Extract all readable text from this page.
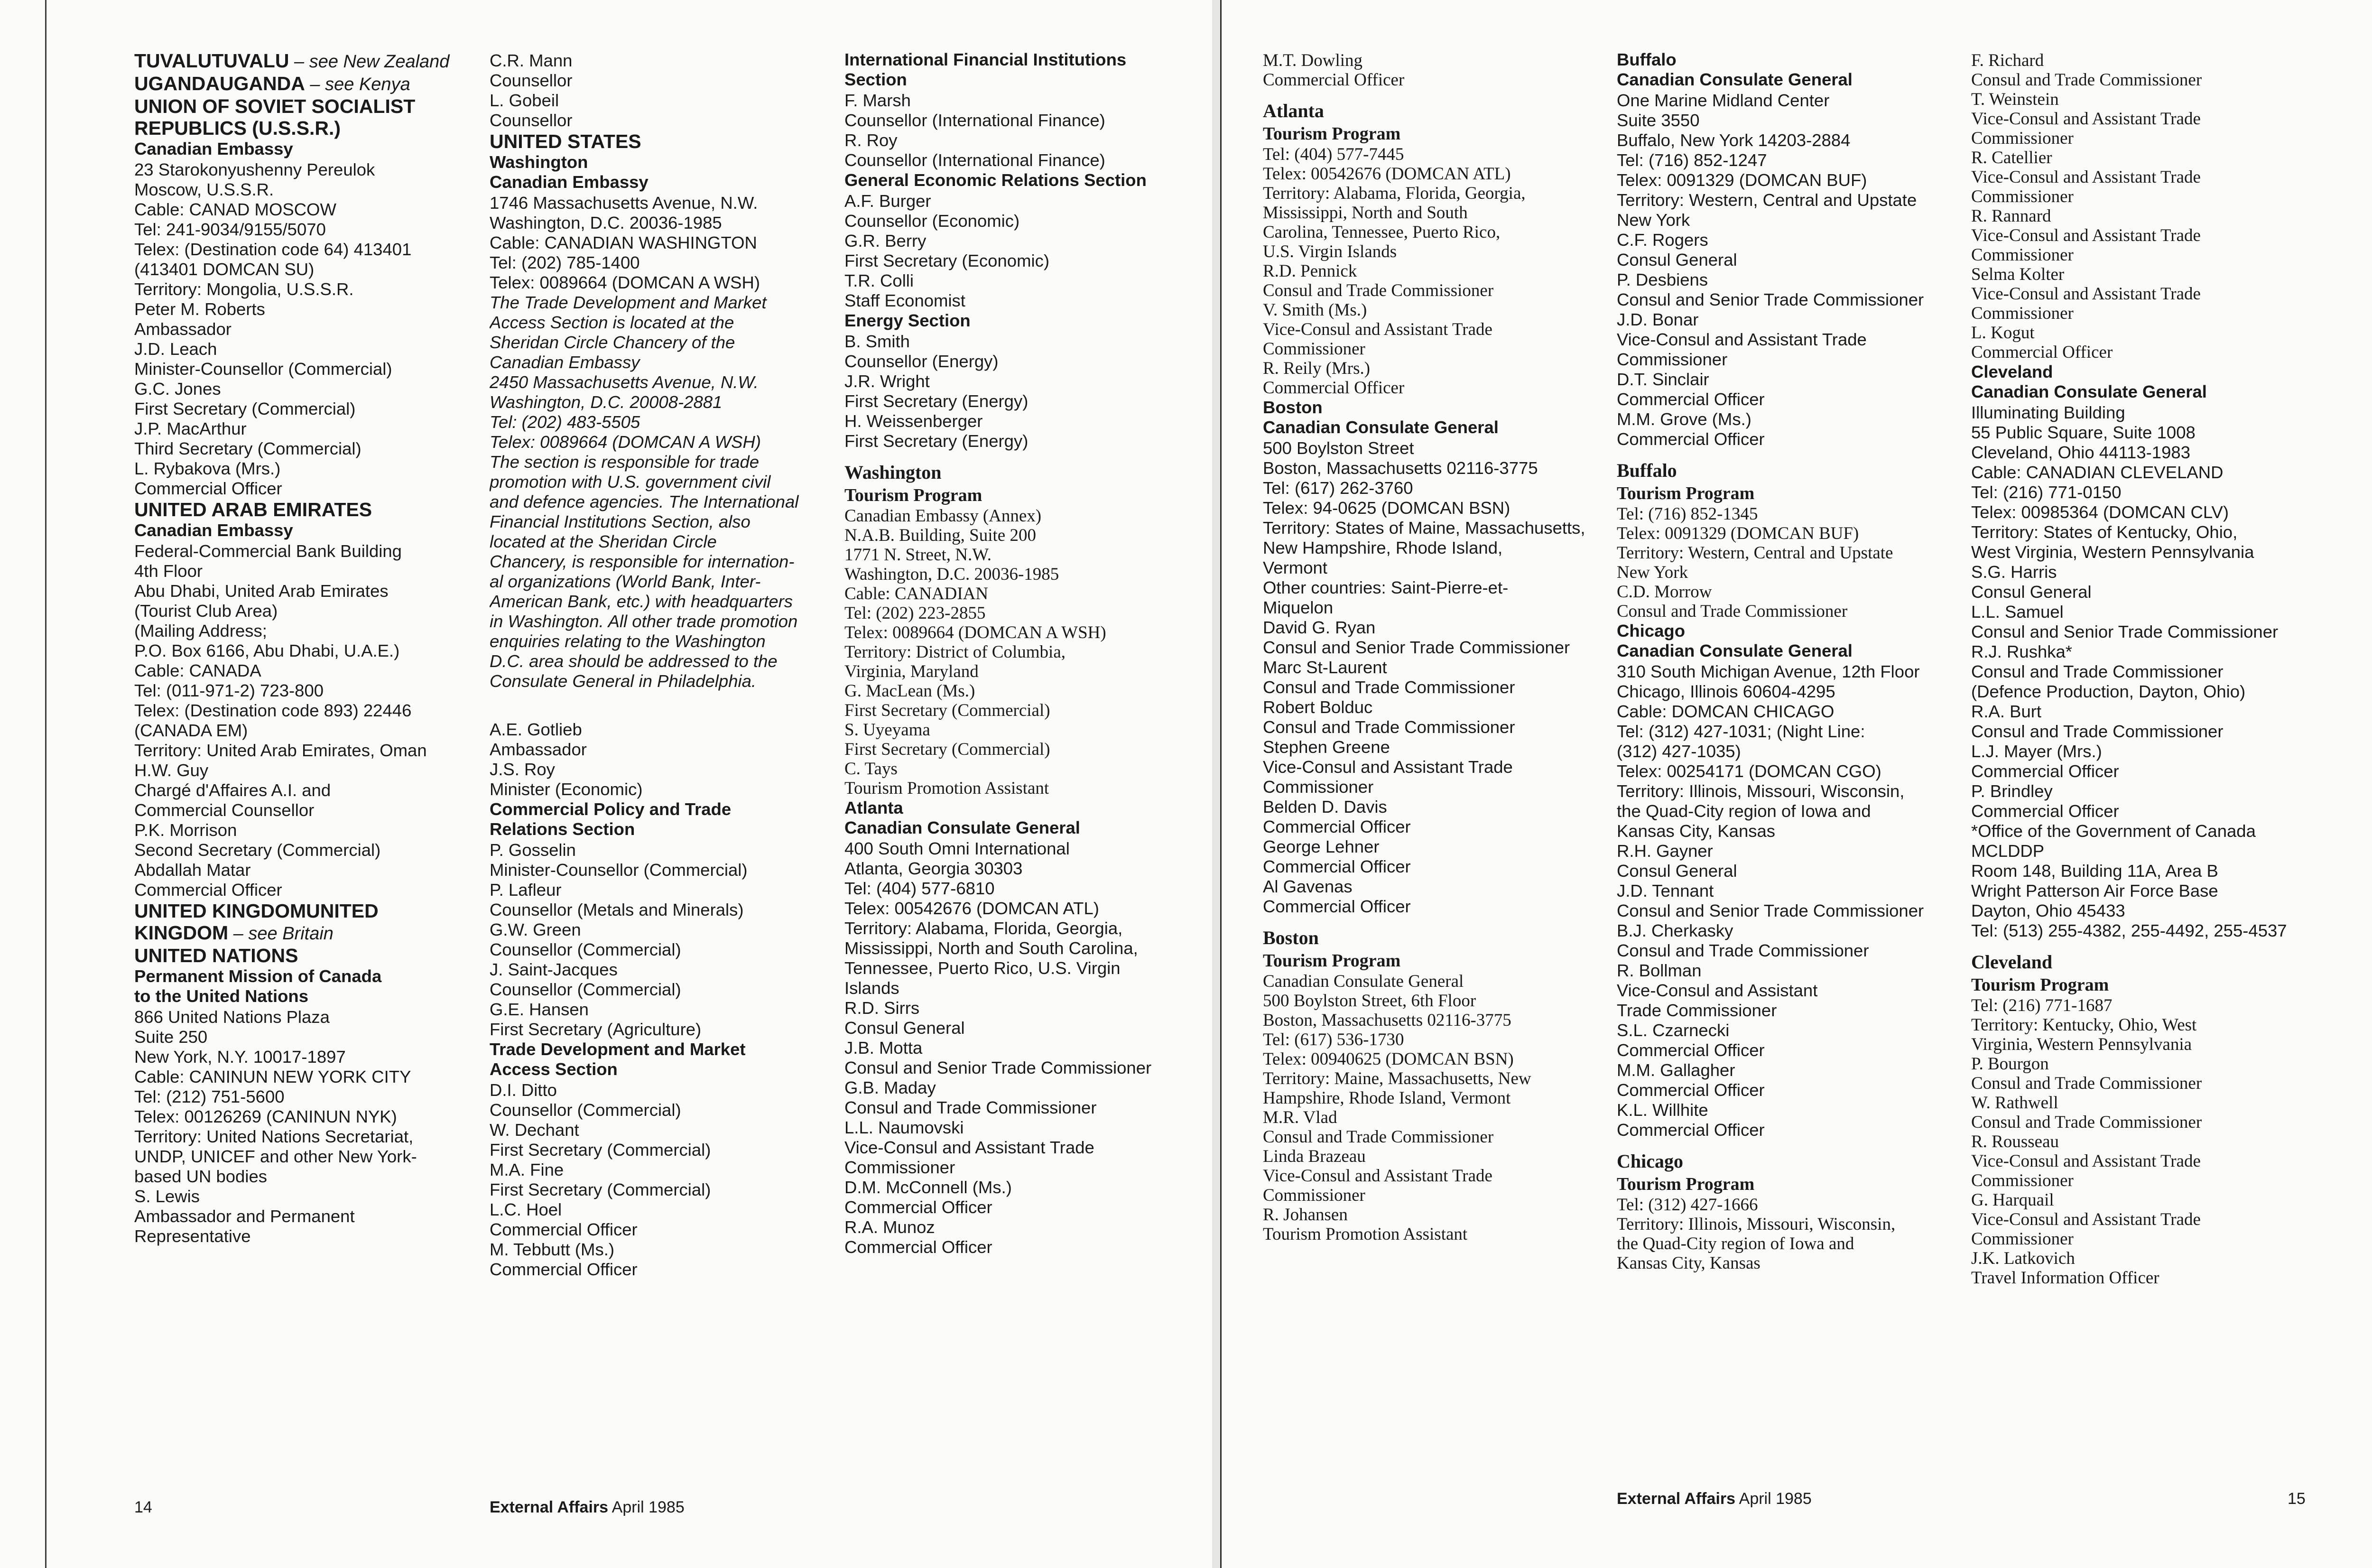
TUVALUTUVALU – see New Zealand

UGANDAUGANDA – see Kenya

UNION OF SOVIET SOCIALIST
REPUBLICS (U.S.S.R.)

Canadian Embassy

23 Starokonyushenny Pereulok
Moscow, U.S.S.R.
Cable: CANAD MOSCOW
Tel: 241-9034/9155/5070
Telex: (Destination code 64) 413401
(413401 DOMCAN SU)
Territory: Mongolia, U.S.S.R.

Peter M. Roberts
Ambassador

J.D. Leach
Minister-Counsellor (Commercial)

G.C. Jones
First Secretary (Commercial)

J.P. MacArthur
Third Secretary (Commercial)

L. Rybakova (Mrs.)
Commercial Officer

UNITED ARAB EMIRATES

Canadian Embassy

Federal-Commercial Bank Building
4th Floor
Abu Dhabi, United Arab Emirates
(Tourist Club Area)
(Mailing Address;
P.O. Box 6166, Abu Dhabi, U.A.E.)
Cable: CANADA
Tel: (011-971-2) 723-800
Telex: (Destination code 893) 22446
(CANADA EM)
Territory: United Arab Emirates, Oman

H.W. Guy
Chargé d'Affaires A.I. and
Commercial Counsellor

P.K. Morrison
Second Secretary (Commercial)

Abdallah Matar
Commercial Officer

UNITED KINGDOMUNITED KINGDOM – see Britain

UNITED NATIONS

Permanent Mission of Canada
to the United Nations

866 United Nations Plaza
Suite 250
New York, N.Y. 10017-1897
Cable: CANINUN NEW YORK CITY
Tel: (212) 751-5600
Telex: 00126269 (CANINUN NYK)
Territory: United Nations Secretariat,
UNDP, UNICEF and other New York-
based UN bodies

S. Lewis
Ambassador and Permanent
Representative

C.R. Mann
Counsellor

L. Gobeil
Counsellor

UNITED STATES

Washington
Canadian Embassy

1746 Massachusetts Avenue, N.W.
Washington, D.C. 20036-1985
Cable: CANADIAN WASHINGTON
Tel: (202) 785-1400
Telex: 0089664 (DOMCAN A WSH)

The Trade Development and Market
Access Section is located at the
Sheridan Circle Chancery of the
Canadian Embassy
2450 Massachusetts Avenue, N.W.
Washington, D.C. 20008-2881
Tel: (202) 483-5505
Telex: 0089664 (DOMCAN A WSH)

The section is responsible for trade
promotion with U.S. government civil
and defence agencies. The International
Financial Institutions Section, also
located at the Sheridan Circle
Chancery, is responsible for internation-
al organizations (World Bank, Inter-
American Bank, etc.) with headquarters
in Washington. All other trade promotion
enquiries relating to the Washington
D.C. area should be addressed to the
Consulate General in Philadelphia.

A.E. Gotlieb
Ambassador

J.S. Roy
Minister (Economic)

Commercial Policy and Trade
Relations Section

P. Gosselin
Minister-Counsellor (Commercial)

P. Lafleur
Counsellor (Metals and Minerals)

G.W. Green
Counsellor (Commercial)

J. Saint-Jacques
Counsellor (Commercial)

G.E. Hansen
First Secretary (Agriculture)

Trade Development and Market
Access Section

D.I. Ditto
Counsellor (Commercial)

W. Dechant
First Secretary (Commercial)

M.A. Fine
First Secretary (Commercial)

L.C. Hoel
Commercial Officer

M. Tebbutt (Ms.)
Commercial Officer

International Financial Institutions
Section

F. Marsh
Counsellor (International Finance)

R. Roy
Counsellor (International Finance)

General Economic Relations Section

A.F. Burger
Counsellor (Economic)

G.R. Berry
First Secretary (Economic)

T.R. Colli
Staff Economist

Energy Section

B. Smith
Counsellor (Energy)

J.R. Wright
First Secretary (Energy)

H. Weissenberger
First Secretary (Energy)

Washington

Tourism Program

Canadian Embassy (Annex)
N.A.B. Building, Suite 200
1771 N. Street, N.W.
Washington, D.C. 20036-1985
Cable: CANADIAN
Tel: (202) 223-2855
Telex: 0089664 (DOMCAN A WSH)
Territory: District of Columbia,
Virginia, Maryland

G. MacLean (Ms.)
First Secretary (Commercial)

S. Uyeyama
First Secretary (Commercial)

C. Tays
Tourism Promotion Assistant

Atlanta
Canadian Consulate General

400 South Omni International
Atlanta, Georgia 30303
Tel: (404) 577-6810
Telex: 00542676 (DOMCAN ATL)
Territory: Alabama, Florida, Georgia,
Mississippi, North and South Carolina,
Tennessee, Puerto Rico, U.S. Virgin
Islands

R.D. Sirrs
Consul General

J.B. Motta
Consul and Senior Trade Commissioner

G.B. Maday
Consul and Trade Commissioner

L.L. Naumovski
Vice-Consul and Assistant Trade
Commissioner

D.M. McConnell (Ms.)
Commercial Officer

R.A. Munoz
Commercial Officer

14	External Affairs April 1985

M.T. Dowling
Commercial Officer

Atlanta

Tourism Program

Tel: (404) 577-7445
Telex: 00542676 (DOMCAN ATL)
Territory: Alabama, Florida, Georgia,
Mississippi, North and South
Carolina, Tennessee, Puerto Rico,
U.S. Virgin Islands

R.D. Pennick
Consul and Trade Commissioner

V. Smith (Ms.)
Vice-Consul and Assistant Trade
Commissioner

R. Reily (Mrs.)
Commercial Officer

Boston
Canadian Consulate General

500 Boylston Street
Boston, Massachusetts 02116-3775
Tel: (617) 262-3760
Telex: 94-0625 (DOMCAN BSN)
Territory: States of Maine, Massachusetts,
New Hampshire, Rhode Island,
Vermont
Other countries: Saint-Pierre-et-
Miquelon

David G. Ryan
Consul and Senior Trade Commissioner

Marc St-Laurent
Consul and Trade Commissioner

Robert Bolduc
Consul and Trade Commissioner

Stephen Greene
Vice-Consul and Assistant Trade
Commissioner

Belden D. Davis
Commercial Officer

George Lehner
Commercial Officer

Al Gavenas
Commercial Officer

Boston

Tourism Program

Canadian Consulate General
500 Boylston Street, 6th Floor
Boston, Massachusetts 02116-3775
Tel: (617) 536-1730
Telex: 00940625 (DOMCAN BSN)
Territory: Maine, Massachusetts, New
Hampshire, Rhode Island, Vermont

M.R. Vlad
Consul and Trade Commissioner

Linda Brazeau
Vice-Consul and Assistant Trade
Commissioner

R. Johansen
Tourism Promotion Assistant

Buffalo
Canadian Consulate General

One Marine Midland Center
Suite 3550
Buffalo, New York 14203-2884
Tel: (716) 852-1247
Telex: 0091329 (DOMCAN BUF)
Territory: Western, Central and Upstate
New York

C.F. Rogers
Consul General

P. Desbiens
Consul and Senior Trade Commissioner

J.D. Bonar
Vice-Consul and Assistant Trade
Commissioner

D.T. Sinclair
Commercial Officer

M.M. Grove (Ms.)
Commercial Officer

Buffalo

Tourism Program

Tel: (716) 852-1345
Telex: 0091329 (DOMCAN BUF)
Territory: Western, Central and Upstate
New York

C.D. Morrow
Consul and Trade Commissioner

Chicago
Canadian Consulate General

310 South Michigan Avenue, 12th Floor
Chicago, Illinois 60604-4295
Cable: DOMCAN CHICAGO
Tel: (312) 427-1031; (Night Line:
(312) 427-1035)
Telex: 00254171 (DOMCAN CGO)
Territory: Illinois, Missouri, Wisconsin,
the Quad-City region of Iowa and
Kansas City, Kansas

R.H. Gayner
Consul General

J.D. Tennant
Consul and Senior Trade Commissioner

B.J. Cherkasky
Consul and Trade Commissioner

R. Bollman
Vice-Consul and Assistant
Trade Commissioner

S.L. Czarnecki
Commercial Officer

M.M. Gallagher
Commercial Officer

K.L. Willhite
Commercial Officer

Chicago

Tourism Program

Tel: (312) 427-1666
Territory: Illinois, Missouri, Wisconsin,
the Quad-City region of Iowa and
Kansas City, Kansas

F. Richard
Consul and Trade Commissioner

T. Weinstein
Vice-Consul and Assistant Trade
Commissioner

R. Catellier
Vice-Consul and Assistant Trade
Commissioner

R. Rannard
Vice-Consul and Assistant Trade
Commissioner

Selma Kolter
Vice-Consul and Assistant Trade
Commissioner

L. Kogut
Commercial Officer

Cleveland
Canadian Consulate General

Illuminating Building
55 Public Square, Suite 1008
Cleveland, Ohio 44113-1983
Cable: CANADIAN CLEVELAND
Tel: (216) 771-0150
Telex: 00985364 (DOMCAN CLV)
Territory: States of Kentucky, Ohio,
West Virginia, Western Pennsylvania

S.G. Harris
Consul General

L.L. Samuel
Consul and Senior Trade Commissioner

R.J. Rushka*
Consul and Trade Commissioner
(Defence Production, Dayton, Ohio)

R.A. Burt
Consul and Trade Commissioner

L.J. Mayer (Mrs.)
Commercial Officer

P. Brindley
Commercial Officer

*Office of the Government of Canada
MCLDDP
Room 148, Building 11A, Area B
Wright Patterson Air Force Base
Dayton, Ohio 45433
Tel: (513) 255-4382, 255-4492, 255-4537

Cleveland

Tourism Program

Tel: (216) 771-1687
Territory: Kentucky, Ohio, West
Virginia, Western Pennsylvania

P. Bourgon
Consul and Trade Commissioner

W. Rathwell
Consul and Trade Commissioner

R. Rousseau
Vice-Consul and Assistant Trade
Commissioner

G. Harquail
Vice-Consul and Assistant Trade
Commissioner

J.K. Latkovich
Travel Information Officer

External Affairs April 1985	15
